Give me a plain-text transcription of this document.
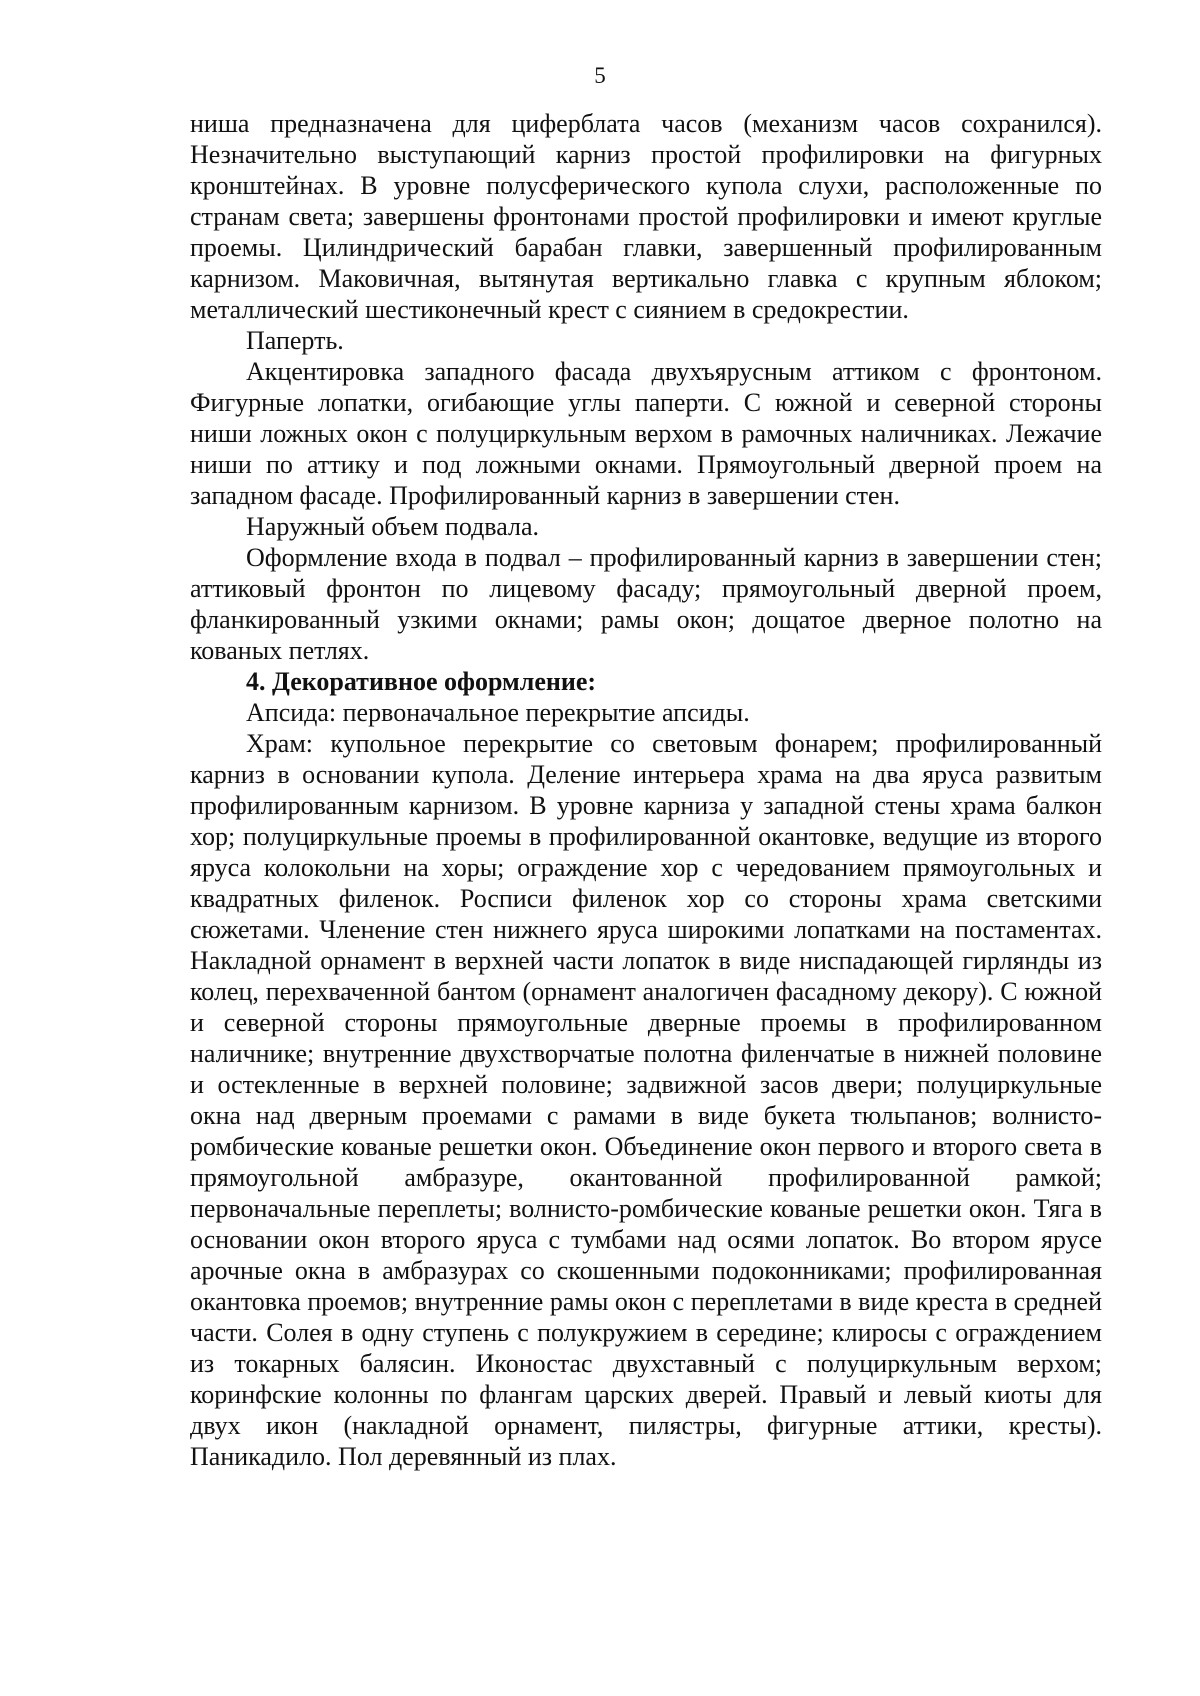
5

ниша предназначена для циферблата часов (механизм часов сохранился). Незначительно выступающий карниз простой профилировки на фигурных кронштейнах. В уровне полусферического купола слухи, расположенные по странам света; завершены фронтонами простой профилировки и имеют круглые проемы. Цилиндрический барабан главки, завершенный профилированным карнизом. Маковичная, вытянутая вертикально главка с крупным яблоком; металлический шестиконечный крест с сиянием в средокрестии.

Паперть.

Акцентировка западного фасада двухъярусным аттиком с фронтоном. Фигурные лопатки, огибающие углы паперти. С южной и северной стороны ниши ложных окон с полуциркульным верхом в рамочных наличниках. Лежачие ниши по аттику и под ложными окнами. Прямоугольный дверной проем на западном фасаде. Профилированный карниз в завершении стен.

Наружный объем подвала.

Оформление входа в подвал – профилированный карниз в завершении стен; аттиковый фронтон по лицевому фасаду; прямоугольный дверной проем, фланкированный узкими окнами; рамы окон; дощатое дверное полотно на кованых петлях.

4. Декоративное оформление:

Апсида: первоначальное перекрытие апсиды.

Храм: купольное перекрытие со световым фонарем; профилированный карниз в основании купола. Деление интерьера храма на два яруса развитым профилированным карнизом. В уровне карниза у западной стены храма балкон хор; полуциркульные проемы в профилированной окантовке, ведущие из второго яруса колокольни на хоры; ограждение хор с чередованием прямоугольных и квадратных филенок. Росписи филенок хор со стороны храма светскими сюжетами. Членение стен нижнего яруса широкими лопатками на постаментах. Накладной орнамент в верхней части лопаток в виде ниспадающей гирлянды из колец, перехваченной бантом (орнамент аналогичен фасадному декору). С южной и северной стороны прямоугольные дверные проемы в профилированном наличнике; внутренние двухстворчатые полотна филенчатые в нижней половине и остекленные в верхней половине; задвижной засов двери; полуциркульные окна над дверным проемами с рамами в виде букета тюльпанов; волнисто-ромбические кованые решетки окон. Объединение окон первого и второго света в прямоугольной амбразуре, окантованной профилированной рамкой; первоначальные переплеты; волнисто-ромбические кованые решетки окон. Тяга в основании окон второго яруса с тумбами над осями лопаток. Во втором ярусе арочные окна в амбразурах со скошенными подоконниками; профилированная окантовка проемов; внутренние рамы окон с переплетами в виде креста в средней части. Солея в одну ступень с полукружием в середине; клиросы с ограждением из токарных балясин. Иконостас двухставный с полуциркульным верхом; коринфские колонны по флангам царских дверей. Правый и левый киоты для двух икон (накладной орнамент, пилястры, фигурные аттики, кресты). Паникадило. Пол деревянный из плах.
